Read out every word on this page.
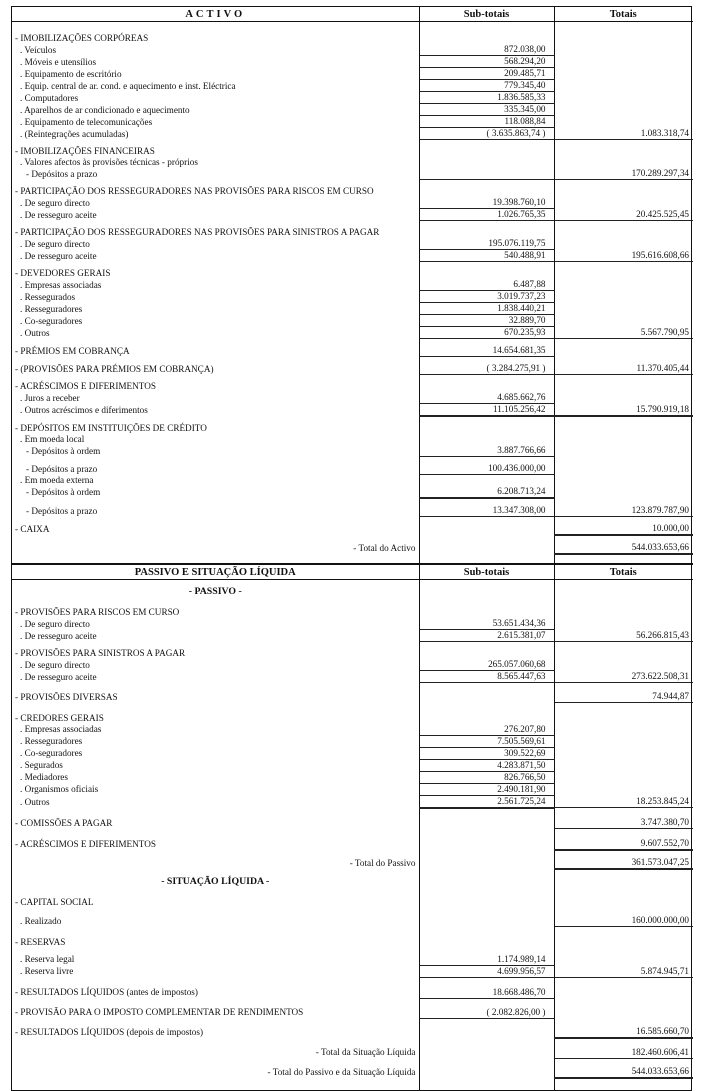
ACTIVO	Sub-totais	Totais

- IMOBILIZAÇÕES CORPÓREAS		
. Veículos	872.038,00	
. Móveis e utensílios	568.294,20	
. Equipamento de escritório	209.485,71	
. Equip. central de ar. cond. e aquecimento e inst. Eléctrica	779.345,40	
. Computadores	1.836.585,33	
. Aparelhos de ar condicionado e aquecimento	335.345,00	
. Equipamento de telecomunicações	118.088,84	
. (Reintegrações acumuladas)	( 3.635.863,74 )	1.083.318,74
- IMOBILIZAÇÕES FINANCEIRAS		
. Valores afectos às provisões técnicas - próprios		
- Depósitos a prazo		170.289.297,34
- PARTICIPAÇÃO DOS RESSEGURADORES NAS PROVISÕES PARA RISCOS EM CURSO		
. De seguro directo	19.398.760,10	
. De resseguro aceite	1.026.765,35	20.425.525,45
- PARTICIPAÇÃO DOS RESSEGURADORES NAS PROVISÕES PARA SINISTROS A PAGAR		
. De seguro directo	195.076.119,75	
. De resseguro aceite	540.488,91	195.616.608,66
- DEVEDORES GERAIS		
. Empresas associadas	6.487,88	
. Ressegurados	3.019.737,23	
. Resseguradores	1.838.440,21	
. Co-seguradores	32.889,70	
. Outros	670.235,93	5.567.790,95
- PRÉMIOS EM COBRANÇA	14.654.681,35	
- (PROVISÕES PARA PRÉMIOS EM COBRANÇA)	( 3.284.275,91 )	11.370.405,44
- ACRÉSCIMOS E DIFERIMENTOS		
. Juros a receber	4.685.662,76	
. Outros acréscimos e diferimentos	11.105.256,42	15.790.919,18
- DEPÓSITOS EM INSTITUIÇÕES DE CRÉDITO		
. Em moeda local		
- Depósitos à ordem	3.887.766,66	
- Depósitos a prazo	100.436.000,00	
. Em moeda externa		
- Depósitos à ordem	6.208.713,24	
- Depósitos a prazo	13.347.308,00	123.879.787,90
- CAIXA		10.000,00
- Total do Activo		544.033.653,66

PASSIVO E SITUAÇÃO LÍQUIDA	Sub-totais	Totais
- PASSIVO -		
- PROVISÕES PARA RISCOS EM CURSO		
. De seguro directo	53.651.434,36	
. De resseguro aceite	2.615.381,07	56.266.815,43
- PROVISÕES PARA SINISTROS A PAGAR		
. De seguro directo	265.057.060,68	
. De resseguro aceite	8.565.447,63	273.622.508,31
- PROVISÕES DIVERSAS		74.944,87
- CREDORES GERAIS		
. Empresas associadas	276.207,80	
. Resseguradores	7.505.569,61	
. Co-seguradores	309.522,69	
. Segurados	4.283.871,50	
. Mediadores	826.766,50	
. Organismos oficiais	2.490.181,90	
. Outros	2.561.725,24	18.253.845,24
- COMISSÕES A PAGAR		3.747.380,70
- ACRÉSCIMOS E DIFERIMENTOS		9.607.552,70
- Total do Passivo		361.573.047,25
- SITUAÇÃO LÍQUIDA -		
- CAPITAL SOCIAL		
. Realizado		160.000.000,00
- RESERVAS		
. Reserva legal	1.174.989,14	
. Reserva livre	4.699.956,57	5.874.945,71
- RESULTADOS LÍQUIDOS (antes de impostos)	18.668.486,70	
- PROVISÃO PARA O IMPOSTO COMPLEMENTAR DE RENDIMENTOS	( 2.082.826,00 )	
- RESULTADOS LÍQUIDOS (depois de impostos)		16.585.660,70
- Total da Situação Líquida		182.460.606,41
- Total do Passivo e da Situação Líquida		544.033.653,66
